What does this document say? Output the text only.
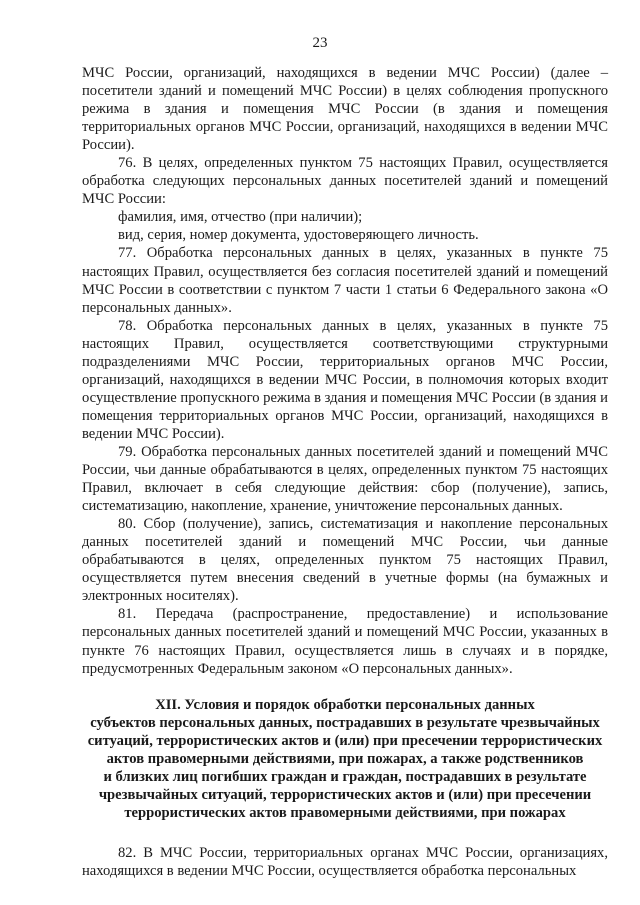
23

МЧС России, организаций, находящихся в ведении МЧС России) (далее – посетители зданий и помещений МЧС России) в целях соблюдения пропускного режима в здания и помещения МЧС России (в здания и помещения территориальных органов МЧС России, организаций, находящихся в ведении МЧС России).

76. В целях, определенных пунктом 75 настоящих Правил, осуществляется обработка следующих персональных данных посетителей зданий и помещений МЧС России:

фамилия, имя, отчество (при наличии);

вид, серия, номер документа, удостоверяющего личность.

77. Обработка персональных данных в целях, указанных в пункте 75 настоящих Правил, осуществляется без согласия посетителей зданий и помещений МЧС России в соответствии с пунктом 7 части 1 статьи 6 Федерального закона «О персональных данных».

78. Обработка персональных данных в целях, указанных в пункте 75 настоящих Правил, осуществляется соответствующими структурными подразделениями МЧС России, территориальных органов МЧС России, организаций, находящихся в ведении МЧС России, в полномочия которых входит осуществление пропускного режима в здания и помещения МЧС России (в здания и помещения территориальных органов МЧС России, организаций, находящихся в ведении МЧС России).

79. Обработка персональных данных посетителей зданий и помещений МЧС России, чьи данные обрабатываются в целях, определенных пунктом 75 настоящих Правил, включает в себя следующие действия: сбор (получение), запись, систематизацию, накопление, хранение, уничтожение персональных данных.

80. Сбор (получение), запись, систематизация и накопление персональных данных посетителей зданий и помещений МЧС России, чьи данные обрабатываются в целях, определенных пунктом 75 настоящих Правил, осуществляется путем внесения сведений в учетные формы (на бумажных и электронных носителях).

81. Передача (распространение, предоставление) и использование персональных данных посетителей зданий и помещений МЧС России, указанных в пункте 76 настоящих Правил, осуществляется лишь в случаях и в порядке, предусмотренных Федеральным законом «О персональных данных».

XII. Условия и порядок обработки персональных данных
субъектов персональных данных, пострадавших в результате чрезвычайных
ситуаций, террористических актов и (или) при пресечении террористических
актов правомерными действиями, при пожарах, а также родственников
и близких лиц погибших граждан и граждан, пострадавших в результате
чрезвычайных ситуаций, террористических актов и (или) при пресечении
террористических актов правомерными действиями, при пожарах

82. В МЧС России, территориальных органах МЧС России, организациях, находящихся в ведении МЧС России, осуществляется обработка персональных
